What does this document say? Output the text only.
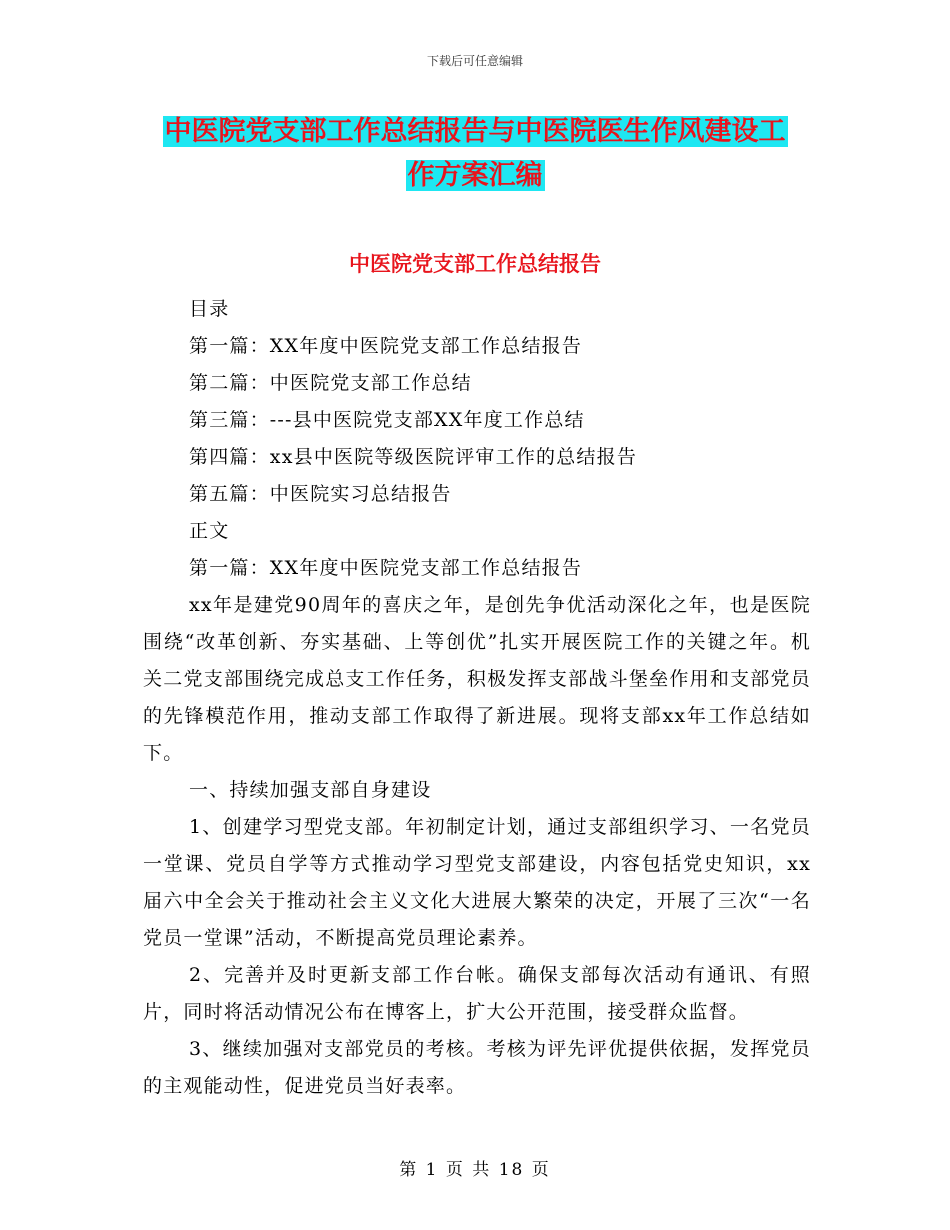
下载后可任意编辑
中医院党支部工作总结报告与中医院医生作风建设工
作方案汇编
中医院党支部工作总结报告
目录
第一篇：XX年度中医院党支部工作总结报告
第二篇：中医院党支部工作总结
第三篇：---县中医院党支部XX年度工作总结
第四篇：xx县中医院等级医院评审工作的总结报告
第五篇：中医院实习总结报告
正文
第一篇：XX年度中医院党支部工作总结报告

xx年是建党90周年的喜庆之年，是创先争优活动深化之年，也是医院围绕“改革创新、夯实基础、上等创优”扎实开展医院工作的关键之年。机关二党支部围绕完成总支工作任务，积极发挥支部战斗堡垒作用和支部党员的先锋模范作用，推动支部工作取得了新进展。现将支部xx年工作总结如下。

一、持续加强支部自身建设

1、创建学习型党支部。年初制定计划，通过支部组织学习、一名党员一堂课、党员自学等方式推动学习型党支部建设，内容包括党史知识，xx届六中全会关于推动社会主义文化大进展大繁荣的决定，开展了三次“一名党员一堂课”活动，不断提高党员理论素养。

2、完善并及时更新支部工作台帐。确保支部每次活动有通讯、有照片，同时将活动情况公布在博客上，扩大公开范围，接受群众监督。

3、继续加强对支部党员的考核。考核为评先评优提供依据，发挥党员的主观能动性，促进党员当好表率。

第 1 页 共 18 页
